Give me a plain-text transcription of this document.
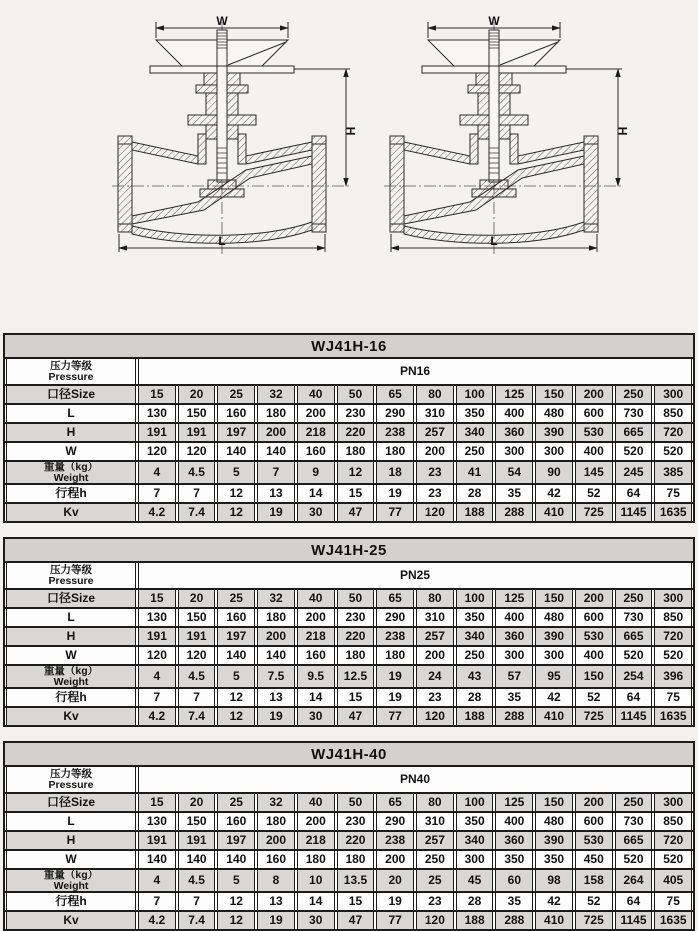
W
L
WJ41H-16
压力等级
Pressure	PN16
口径Size	15	20	25	32	40	50	65	80	100	125	150	200	250	300
L	130	150	160	180	200	230	290	310	350	400	480	600	730	850
H	191	191	197	200	218	220	238	257	340	360	390	530	665	720
W	120	120	140	140	160	180	180	200	250	300	300	400	520	520
重量（kg）
Weight	4	4.5	5	7	9	12	18	23	41	54	90	145	245	385
行程h	7	7	12	13	14	15	19	23	28	35	42	52	64	75
Kv	4.2	7.4	12	19	30	47	77	120	188	288	410	725	1145	1635
WJ41H-25
压力等级
Pressure	PN25
口径Size	15	20	25	32	40	50	65	80	100	125	150	200	250	300
L	130	150	160	180	200	230	290	310	350	400	480	600	730	850
H	191	191	197	200	218	220	238	257	340	360	390	530	665	720
W	120	120	140	140	160	180	180	200	250	300	300	400	520	520
重量（kg）
Weight	4	4.5	5	7.5	9.5	12.5	19	24	43	57	95	150	254	396
行程h	7	7	12	13	14	15	19	23	28	35	42	52	64	75
Kv	4.2	7.4	12	19	30	47	77	120	188	288	410	725	1145	1635
WJ41H-40
压力等级
Pressure	PN40
口径Size	15	20	25	32	40	50	65	80	100	125	150	200	250	300
L	130	150	160	180	200	230	290	310	350	400	480	600	730	850
H	191	191	197	200	218	220	238	257	340	360	390	530	665	720
W	140	140	140	160	180	180	200	250	300	350	350	450	520	520
重量（kg）
Weight	4	4.5	5	8	10	13.5	20	25	45	60	98	158	264	405
行程h	7	7	12	13	14	15	19	23	28	35	42	52	64	75
Kv	4.2	7.4	12	19	30	47	77	120	188	288	410	725	1145	1635
